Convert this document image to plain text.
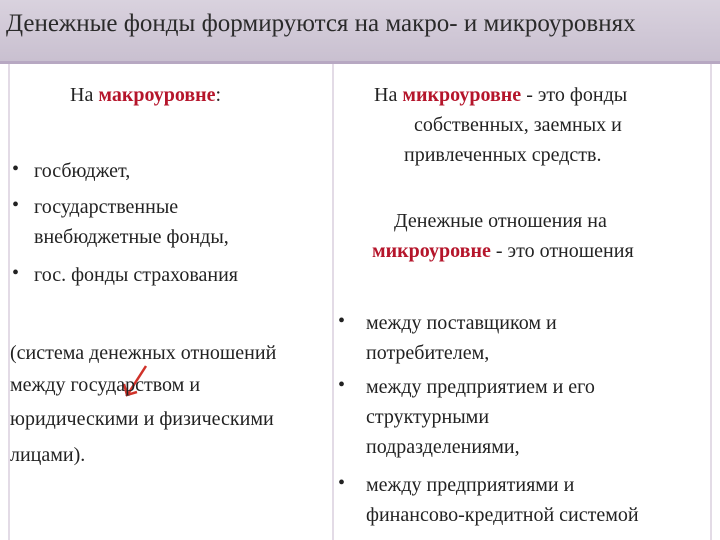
Денежные фонды формируются на макро- и микроуровнях
На макроуровне:
• госбюджет,
• государственные
внебюджетные фонды,
• гос. фонды страхования
(система денежных отношений
между государством и
юридическими и физическими
лицами).
На микроуровне - это фонды
собственных, заемных и
привлеченных средств.
Денежные отношения на
микроуровне - это отношения
• между поставщиком и
потребителем,
• между предприятием и его
структурными
подразделениями,
• между предприятиями и
финансово-кредитной системой
